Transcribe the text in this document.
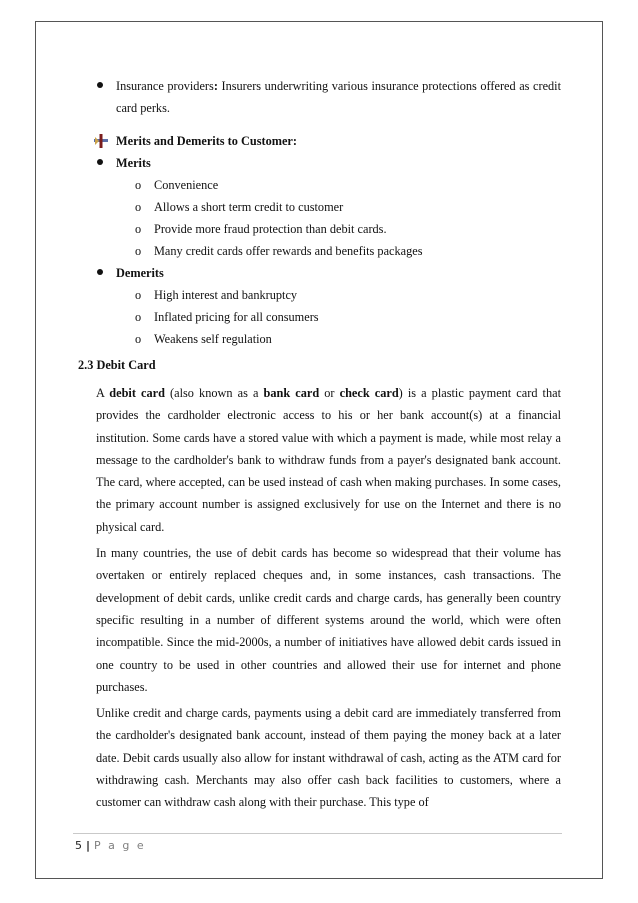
Insurance providers: Insurers underwriting various insurance protections offered as credit card perks.

Merits and Demerits to Customer:

Merits

o Convenience
o Allows a short term credit to customer
o Provide more fraud protection than debit cards.
o Many credit cards offer rewards and benefits packages

Demerits

o High interest and bankruptcy
o Inflated pricing for all consumers
o Weakens self regulation
2.3 Debit Card

A debit card (also known as a bank card or check card) is a plastic payment card that provides the cardholder electronic access to his or her bank account(s) at a financial institution. Some cards have a stored value with which a payment is made, while most relay a message to the cardholder's bank to withdraw funds from a payer's designated bank account. The card, where accepted, can be used instead of cash when making purchases. In some cases, the primary account number is assigned exclusively for use on the Internet and there is no physical card.

In many countries, the use of debit cards has become so widespread that their volume has overtaken or entirely replaced cheques and, in some instances, cash transactions. The development of debit cards, unlike credit cards and charge cards, has generally been country specific resulting in a number of different systems around the world, which were often incompatible. Since the mid-2000s, a number of initiatives have allowed debit cards issued in one country to be used in other countries and allowed their use for internet and phone purchases.

Unlike credit and charge cards, payments using a debit card are immediately transferred from the cardholder's designated bank account, instead of them paying the money back at a later date. Debit cards usually also allow for instant withdrawal of cash, acting as the ATM card for withdrawing cash. Merchants may also offer cash back facilities to customers, where a customer can withdraw cash along with their purchase. This type of

5 | P a g e
